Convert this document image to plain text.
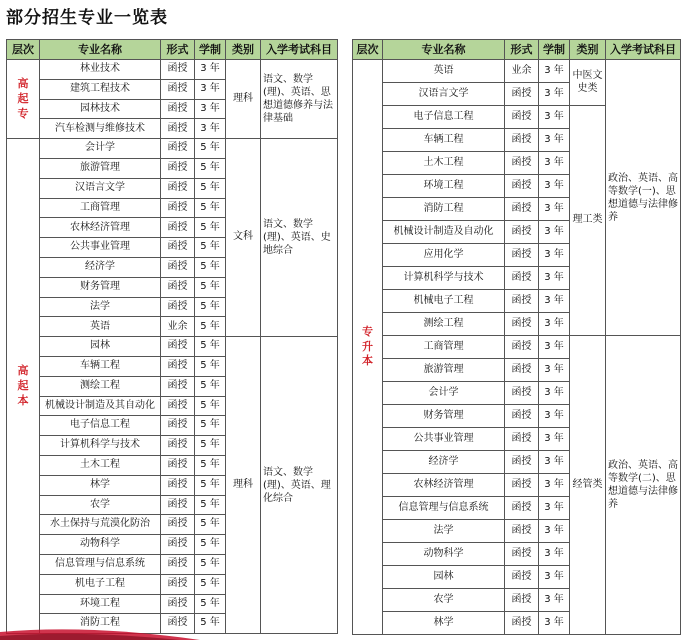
部分招生专业一览表
层次	专业名称	形式	学制	类别	入学考试科目
高
起
专	林业技术	函授	3 年	理科	语文、数学(理)、英语、思想道德修养与法律基础
	建筑工程技术	函授	3 年		
	园林技术	函授	3 年		
	汽车检测与维修技术	函授	3 年		
高
起
本	会计学	函授	5 年	文科	语文、数学(理)、英语、史地综合
	旅游管理	函授	5 年		
	汉语言文学	函授	5 年		
	工商管理	函授	5 年		
	农林经济管理	函授	5 年		
	公共事业管理	函授	5 年		
	经济学	函授	5 年		
	财务管理	函授	5 年		
	法学	函授	5 年		
	英语	业余	5 年		
	园林	函授	5 年	理科	语文、数学(理)、英语、理化综合
	车辆工程	函授	5 年		
	测绘工程	函授	5 年		
	机械设计制造及其自动化	函授	5 年		
	电子信息工程	函授	5 年		
	计算机科学与技术	函授	5 年		
	土木工程	函授	5 年		
	林学	函授	5 年		
	农学	函授	5 年		
	水土保持与荒漠化防治	函授	5 年		
	动物科学	函授	5 年		
	信息管理与信息系统	函授	5 年		
	机电子工程	函授	5 年		
	环境工程	函授	5 年		
	消防工程	函授	5 年		
层次	专业名称	形式	学制	类别	入学考试科目
专
升
本	英语	业余	3 年	中医文史类	政治、英语、高等数学(一)、思想道德与法律修养
	汉语言文学	函授	3 年		
	电子信息工程	函授	3 年	理工类	
	车辆工程	函授	3 年		
	土木工程	函授	3 年		
	环境工程	函授	3 年		
	消防工程	函授	3 年		
	机械设计制造及自动化	函授	3 年		
	应用化学	函授	3 年		
	计算机科学与技术	函授	3 年		
	机械电子工程	函授	3 年		
	测绘工程	函授	3 年		
	工商管理	函授	3 年	经管类	政治、英语、高等数学(二)、思想道德与法律修养
	旅游管理	函授	3 年		
	会计学	函授	3 年		
	财务管理	函授	3 年		
	公共事业管理	函授	3 年		
	经济学	函授	3 年		
	农林经济管理	函授	3 年		
	信息管理与信息系统	函授	3 年		
	法学	函授	3 年		
	动物科学	函授	3 年		
	园林	函授	3 年		
	农学	函授	3 年		
	林学	函授	3 年		
